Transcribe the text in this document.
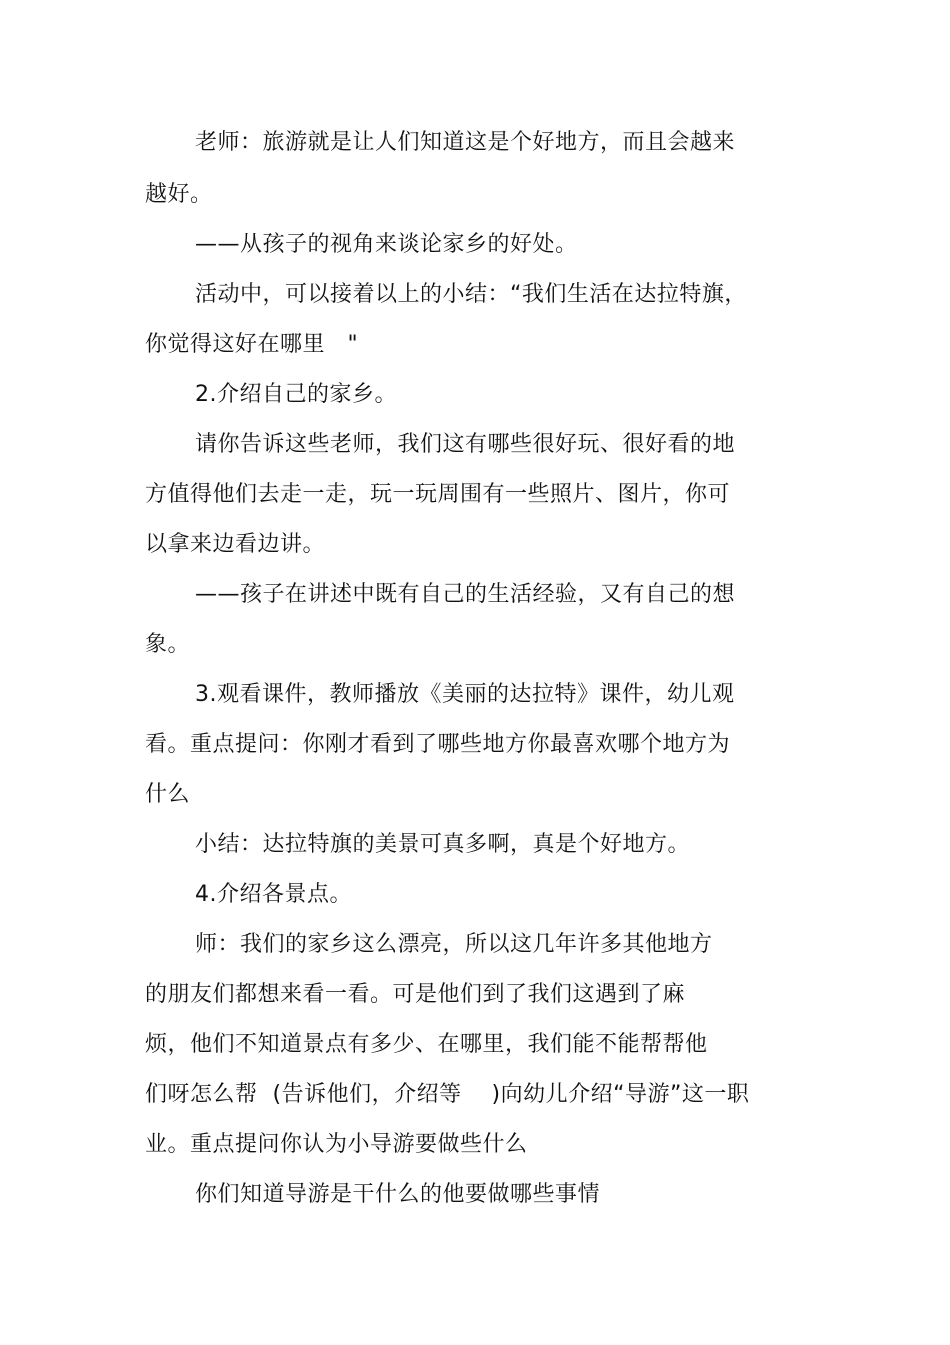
老师：旅游就是让人们知道这是个好地方，而且会越来
越好。
——从孩子的视角来谈论家乡的好处。
活动中，可以接着以上的小结：“我们生活在达拉特旗，
你觉得这好在哪里   "
2.介绍自己的家乡。
请你告诉这些老师，我们这有哪些很好玩、很好看的地
方值得他们去走一走，玩一玩周围有一些照片、图片，你可
以拿来边看边讲。
——孩子在讲述中既有自己的生活经验，又有自己的想
象。
3.观看课件，教师播放《美丽的达拉特》课件，幼儿观
看。重点提问：你刚才看到了哪些地方你最喜欢哪个地方为
什么
小结：达拉特旗的美景可真多啊，真是个好地方。
4.介绍各景点。
师：我们的家乡这么漂亮，所以这几年许多其他地方
的朋友们都想来看一看。可是他们到了我们这遇到了麻
烦，他们不知道景点有多少、在哪里，我们能不能帮帮他
们呀怎么帮  (告诉他们，介绍等    )向幼儿介绍“导游”这一职
业。重点提问你认为小导游要做些什么
你们知道导游是干什么的他要做哪些事情
